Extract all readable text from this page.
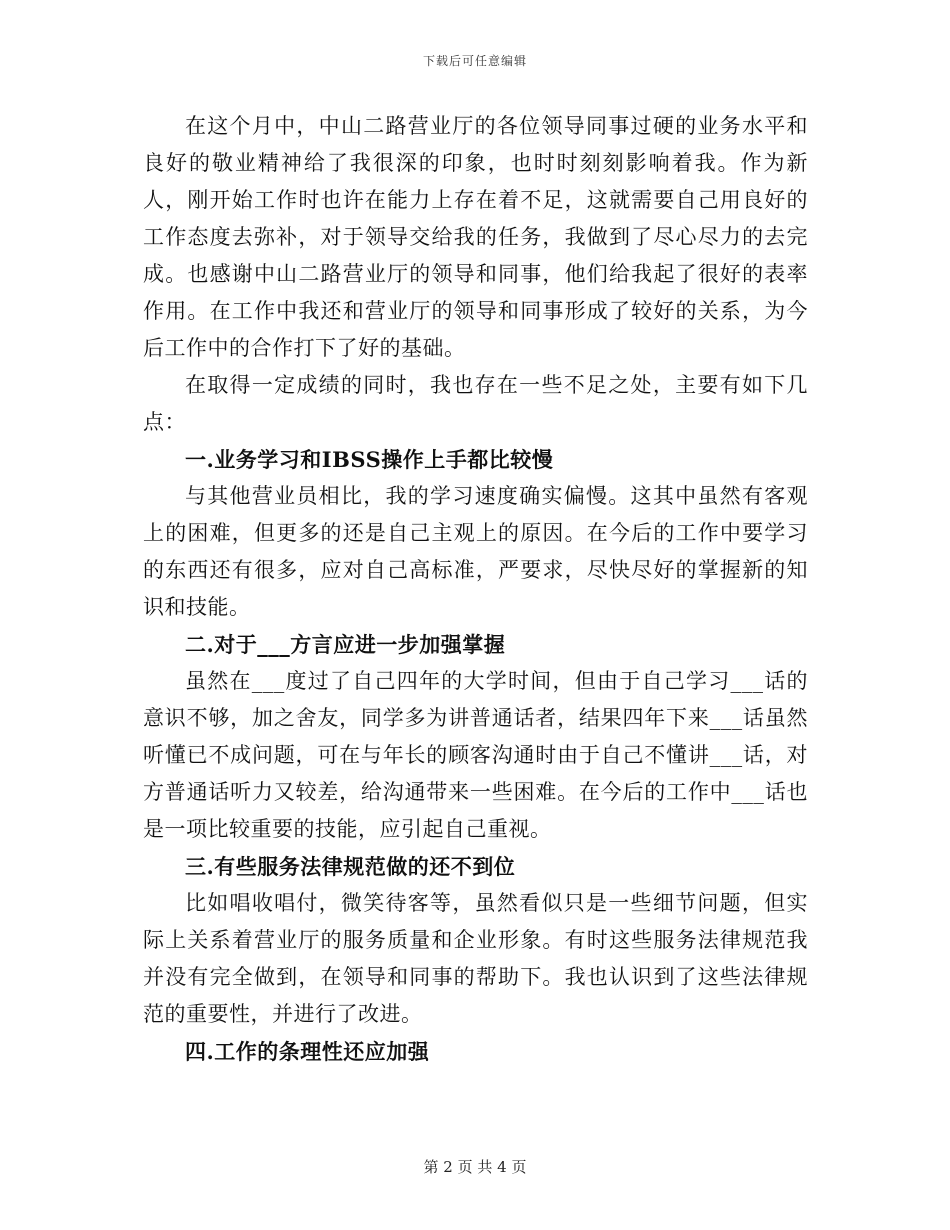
下载后可任意编辑

在这个月中，中山二路营业厅的各位领导同事过硬的业务水平和良好的敬业精神给了我很深的印象，也时时刻刻影响着我。作为新人，刚开始工作时也许在能力上存在着不足，这就需要自己用良好的工作态度去弥补，对于领导交给我的任务，我做到了尽心尽力的去完成。也感谢中山二路营业厅的领导和同事，他们给我起了很好的表率作用。在工作中我还和营业厅的领导和同事形成了较好的关系，为今后工作中的合作打下了好的基础。

在取得一定成绩的同时，我也存在一些不足之处，主要有如下几点：

一.业务学习和IBSS操作上手都比较慢

与其他营业员相比，我的学习速度确实偏慢。这其中虽然有客观上的困难，但更多的还是自己主观上的原因。在今后的工作中要学习的东西还有很多，应对自己高标准，严要求，尽快尽好的掌握新的知识和技能。

二.对于___方言应进一步加强掌握

虽然在___度过了自己四年的大学时间，但由于自己学习___话的意识不够，加之舍友，同学多为讲普通话者，结果四年下来___话虽然听懂已不成问题，可在与年长的顾客沟通时由于自己不懂讲___话，对方普通话听力又较差，给沟通带来一些困难。在今后的工作中___话也是一项比较重要的技能，应引起自己重视。

三.有些服务法律规范做的还不到位

比如唱收唱付，微笑待客等，虽然看似只是一些细节问题，但实际上关系着营业厅的服务质量和企业形象。有时这些服务法律规范我并没有完全做到，在领导和同事的帮助下。我也认识到了这些法律规范的重要性，并进行了改进。

四.工作的条理性还应加强

第 2 页 共 4 页
